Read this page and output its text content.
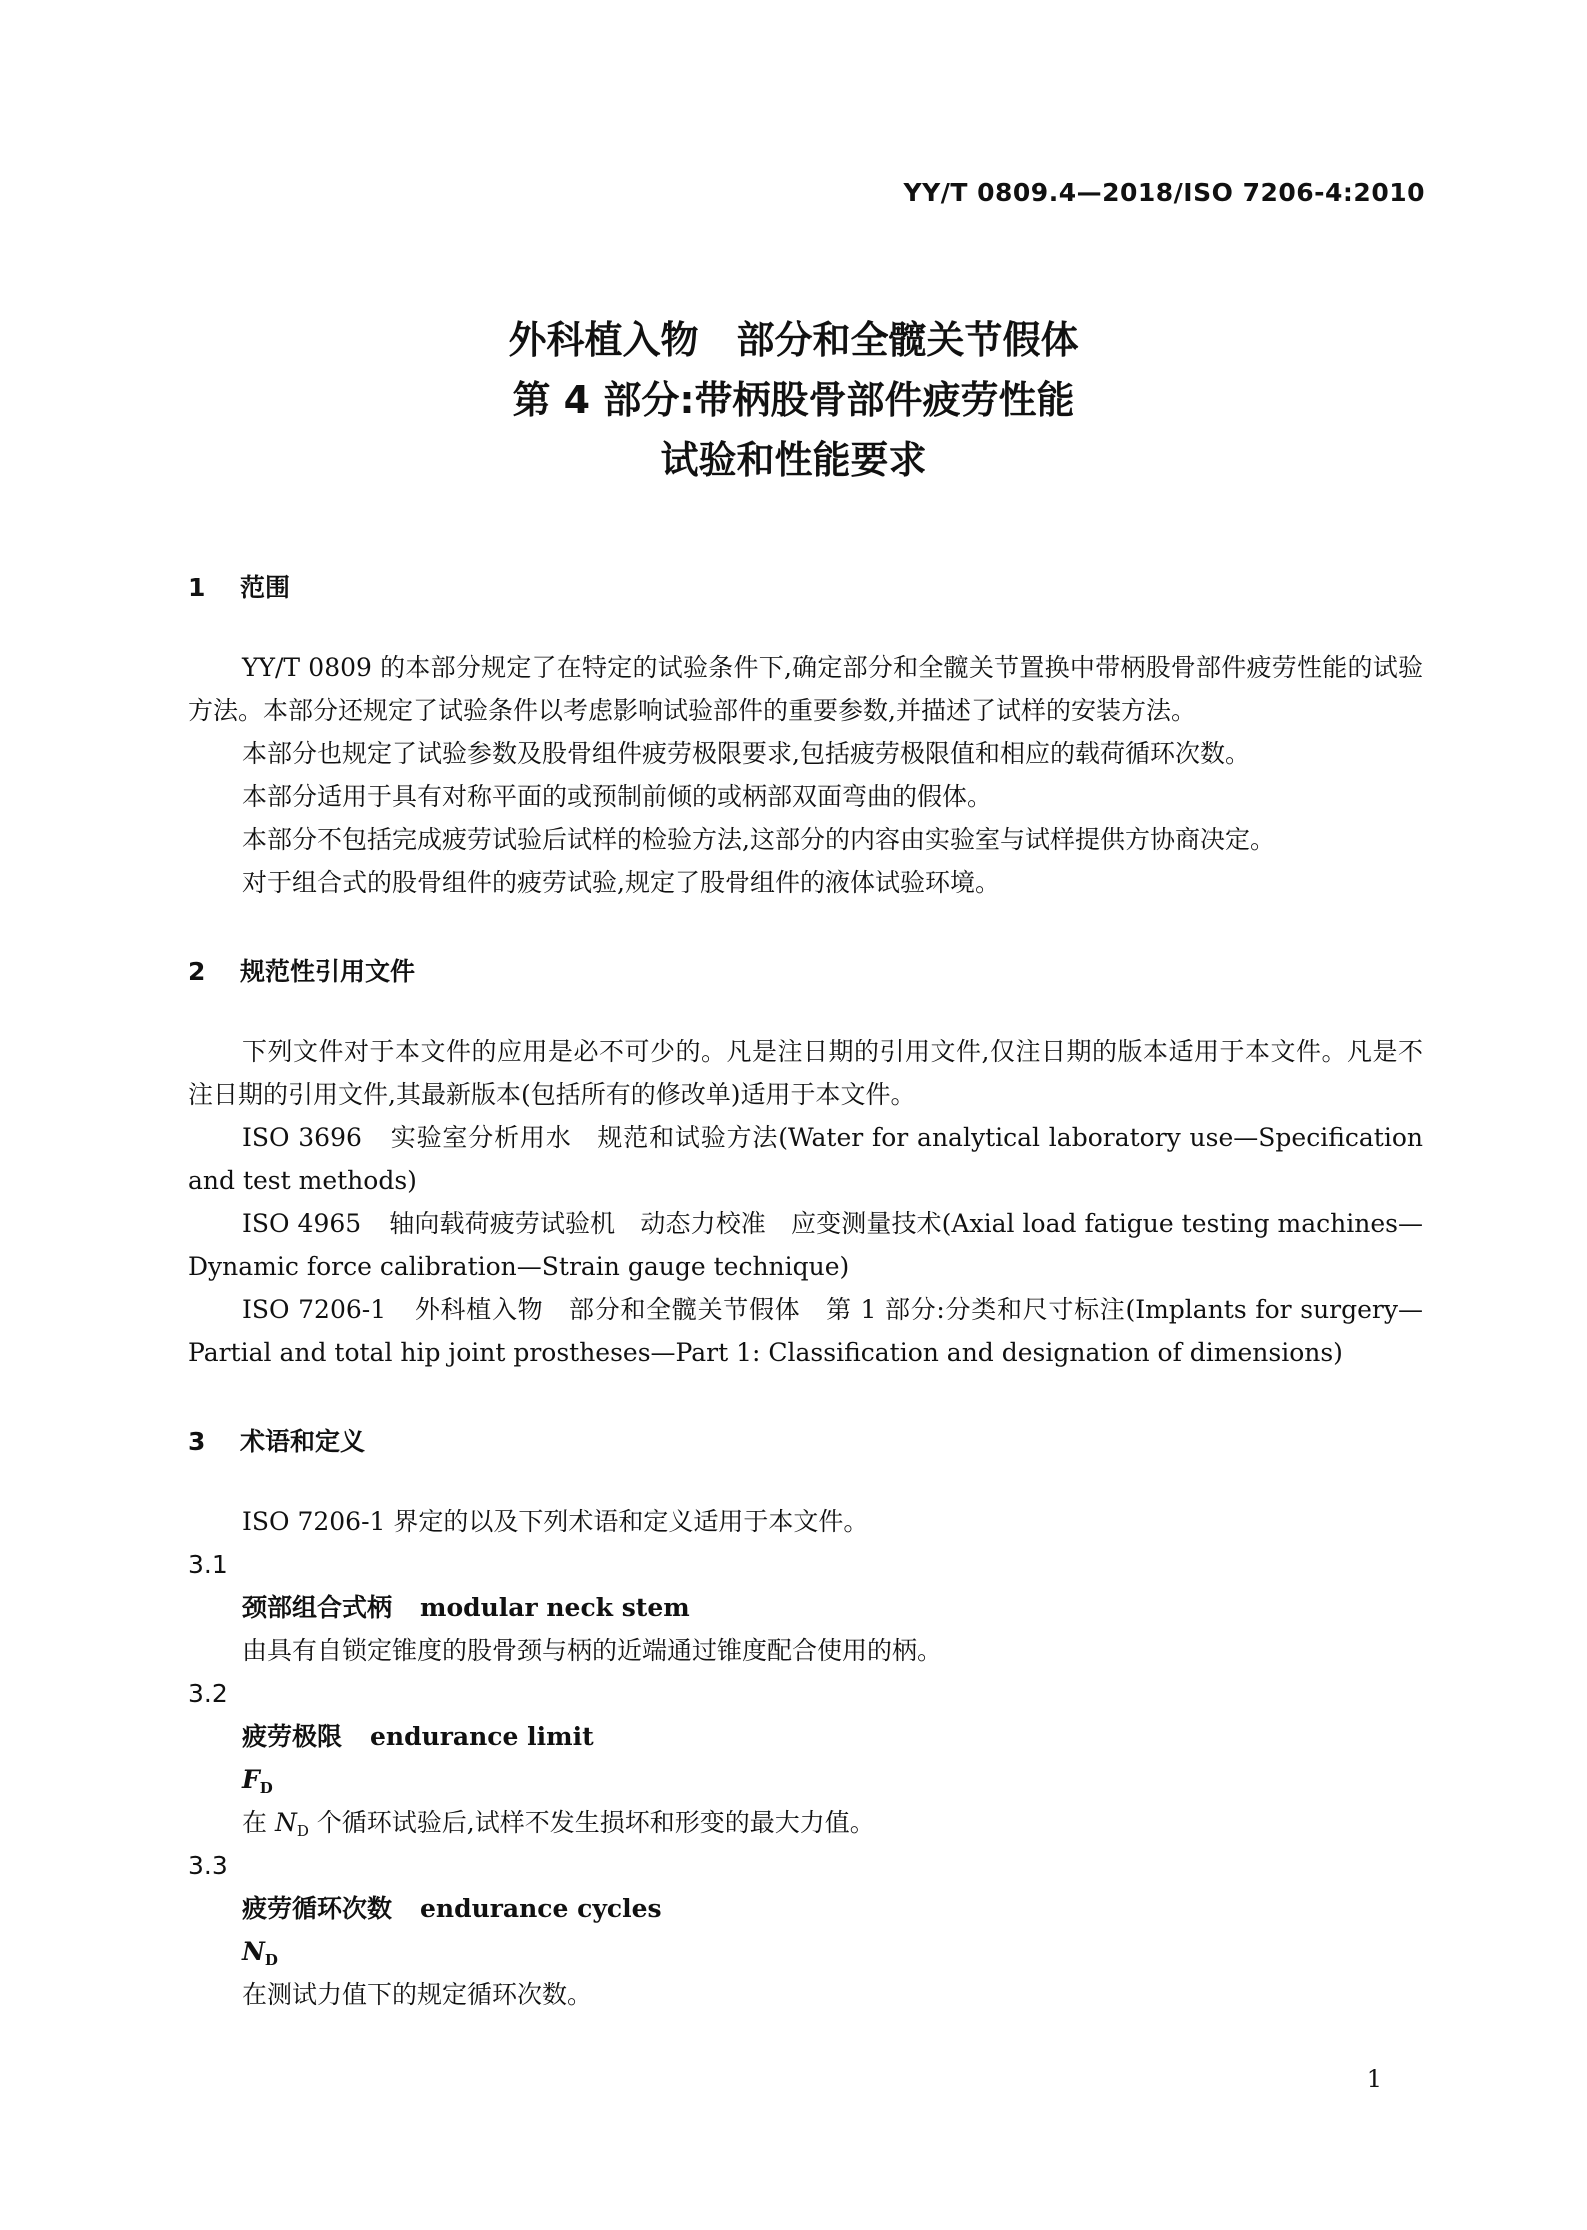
YY/T 0809.4—2018/ISO 7206-4:2010
外科植入物　部分和全髋关节假体
第 4 部分:带柄股骨部件疲劳性能
试验和性能要求
1 范围

YY/T 0809 的本部分规定了在特定的试验条件下,确定部分和全髋关节置换中带柄股骨部件疲劳性能的试验方法。本部分还规定了试验条件以考虑影响试验部件的重要参数,并描述了试样的安装方法。

本部分也规定了试验参数及股骨组件疲劳极限要求,包括疲劳极限值和相应的载荷循环次数。

本部分适用于具有对称平面的或预制前倾的或柄部双面弯曲的假体。

本部分不包括完成疲劳试验后试样的检验方法,这部分的内容由实验室与试样提供方协商决定。

对于组合式的股骨组件的疲劳试验,规定了股骨组件的液体试验环境。

2 规范性引用文件

下列文件对于本文件的应用是必不可少的。凡是注日期的引用文件,仅注日期的版本适用于本文件。凡是不注日期的引用文件,其最新版本(包括所有的修改单)适用于本文件。

ISO 3696 实验室分析用水　规范和试验方法(Water for analytical laboratory use—Specification and test methods)

ISO 4965 轴向载荷疲劳试验机　动态力校准　应变测量技术(Axial load fatigue testing machines—Dynamic force calibration—Strain gauge technique)

ISO 7206-1 外科植入物　部分和全髋关节假体　第 1 部分:分类和尺寸标注(Implants for surgery—Partial and total hip joint prostheses—Part 1: Classification and designation of dimensions)

3 术语和定义

ISO 7206-1 界定的以及下列术语和定义适用于本文件。

3.1
颈部组合式柄 modular neck stem
由具有自锁定锥度的股骨颈与柄的近端通过锥度配合使用的柄。
3.2
疲劳极限 endurance limit
$F_D$
在 $N_D$ 个循环试验后,试样不发生损坏和形变的最大力值。
3.3
疲劳循环次数 endurance cycles
$N_D$
在测试力值下的规定循环次数。
1
